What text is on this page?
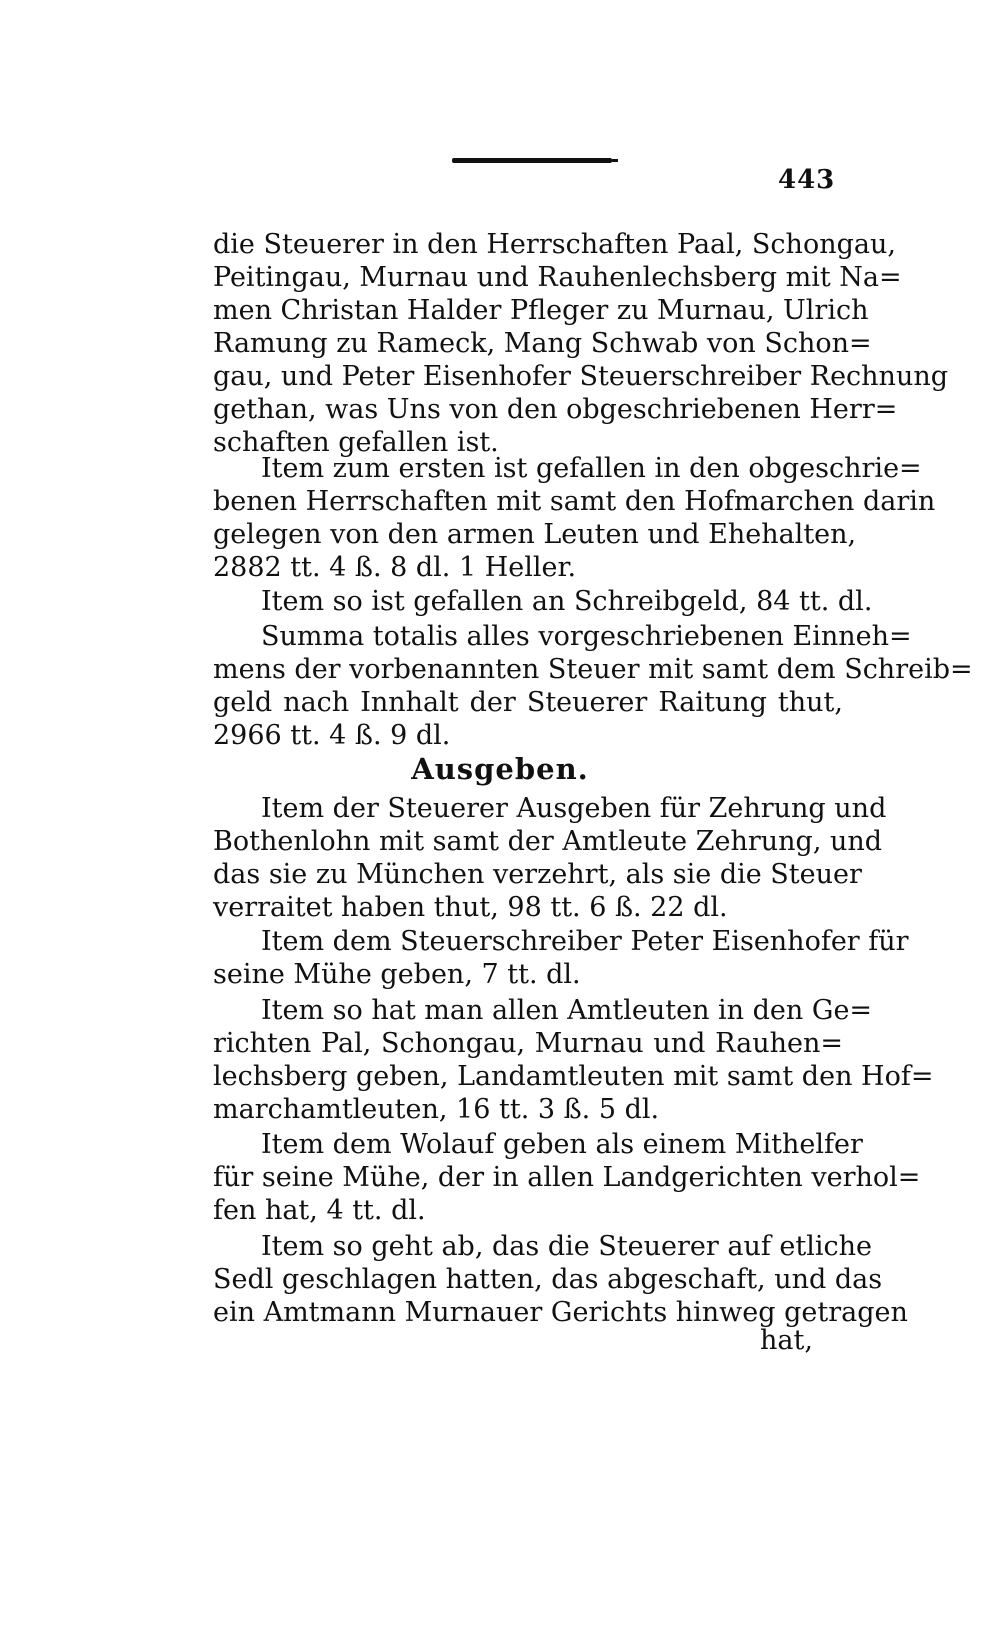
443
die Steuerer in den Herrschaften Paal, Schongau,
Peitingau, Murnau und Rauhenlechsberg mit Na=
men Christan Halder Pfleger zu Murnau, Ulrich
Ramung zu Rameck, Mang Schwab von Schon=
gau, und Peter Eisenhofer Steuerschreiber Rechnung
gethan, was Uns von den obgeschriebenen Herr=
schaften gefallen ist.
Item zum ersten ist gefallen in den obgeschrie=
benen Herrschaften mit samt den Hofmarchen darin
gelegen von den armen Leuten und Ehehalten,
2882 tt. 4 ß. 8 dl. 1 Heller.
Item so ist gefallen an Schreibgeld, 84 tt. dl.
Summa totalis alles vorgeschriebenen Einneh=
mens der vorbenannten Steuer mit samt dem Schreib=
geld nach Innhalt der Steuerer Raitung thut,
2966 tt. 4 ß. 9 dl.
Ausgeben.
Item der Steuerer Ausgeben für Zehrung und
Bothenlohn mit samt der Amtleute Zehrung, und
das sie zu München verzehrt, als sie die Steuer
verraitet haben thut, 98 tt. 6 ß. 22 dl.
Item dem Steuerschreiber Peter Eisenhofer für
seine Mühe geben, 7 tt. dl.
Item so hat man allen Amtleuten in den Ge=
richten Pal, Schongau, Murnau und Rauhen=
lechsberg geben, Landamtleuten mit samt den Hof=
marchamtleuten, 16 tt. 3 ß. 5 dl.
Item dem Wolauf geben als einem Mithelfer
für seine Mühe, der in allen Landgerichten verhol=
fen hat, 4 tt. dl.
Item so geht ab, das die Steuerer auf etliche
Sedl geschlagen hatten, das abgeschaft, und das
ein Amtmann Murnauer Gerichts hinweg getragen
hat,
